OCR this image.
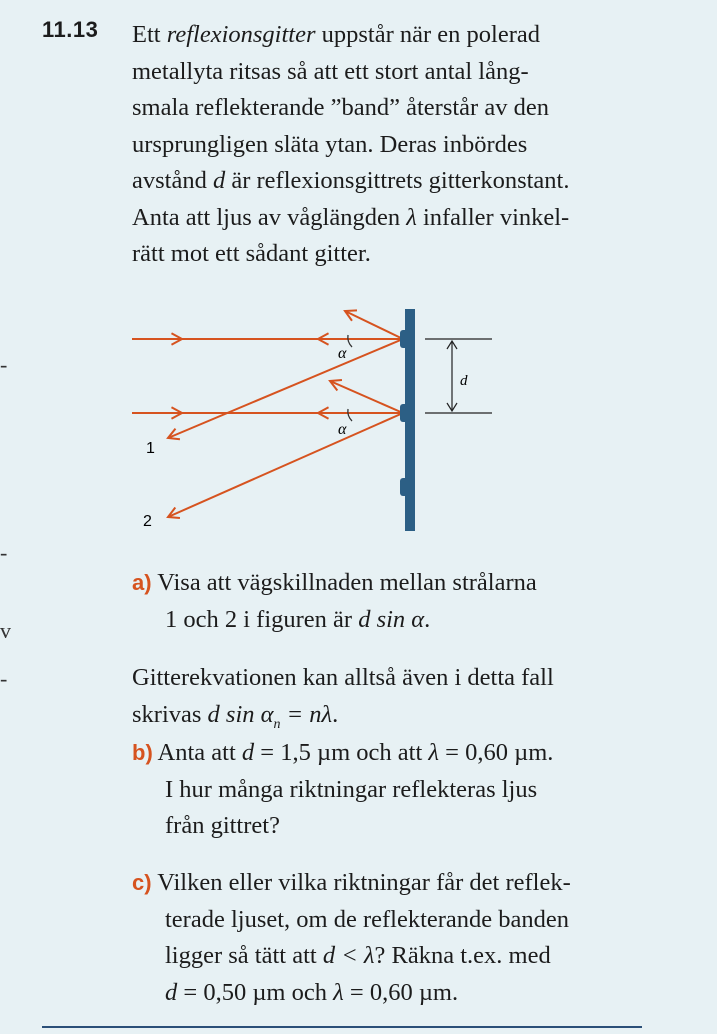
11.13 Ett reflexionsgitter uppstår när en polerad
metallyta ritsas så att ett stort antal lång-
smala reflekterande ”band” återstår av den
ursprungligen släta ytan. Deras inbördes
avstånd d är reflexionsgittrets gitterkonstant.
Anta att ljus av våglängden λ infaller vinkel-
rätt mot ett sådant gitter.
α
α
d
1
2
a) Visa att vägskillnaden mellan strålarna
1 och 2 i figuren är d sin α.
Gitterekvationen kan alltså även i detta fall
skrivas d $\sin \alpha_n = n\lambda$.
b) Anta att d = 1,5 µm och att λ = 0,60 µm.
I hur många riktningar reflekteras ljus
från gittret?
c) Vilken eller vilka riktningar får det reflek-
terade ljuset, om de reflekterande banden
ligger så tätt att d < λ? Räkna t.ex. med
d = 0,50 µm och λ = 0,60 µm.
-
-
v
-
